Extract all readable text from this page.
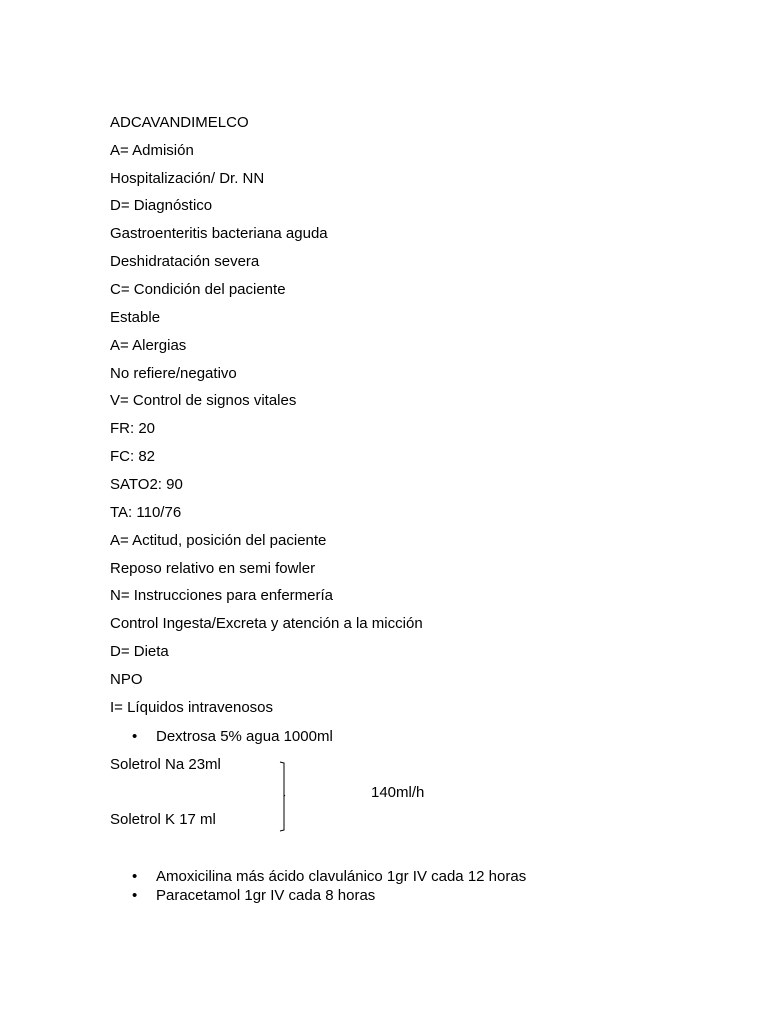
ADCAVANDIMELCO
A= Admisión
Hospitalización/ Dr. NN
D= Diagnóstico
Gastroenteritis bacteriana aguda
Deshidratación severa
C= Condición del paciente
Estable
A= Alergias
No refiere/negativo
V= Control de signos vitales
FR: 20
FC: 82
SATO2: 90
TA: 110/76
A= Actitud, posición del paciente
Reposo relativo en semi fowler
N= Instrucciones para enfermería
Control Ingesta/Excreta y atención a la micción
D= Dieta
NPO
I= Líquidos intravenosos
•	Dextrosa 5% agua 1000ml
Soletrol Na 23ml
140ml/h
Soletrol K 17 ml
•	Amoxicilina más ácido clavulánico 1gr IV cada 12 horas
•	Paracetamol 1gr IV cada 8 horas
